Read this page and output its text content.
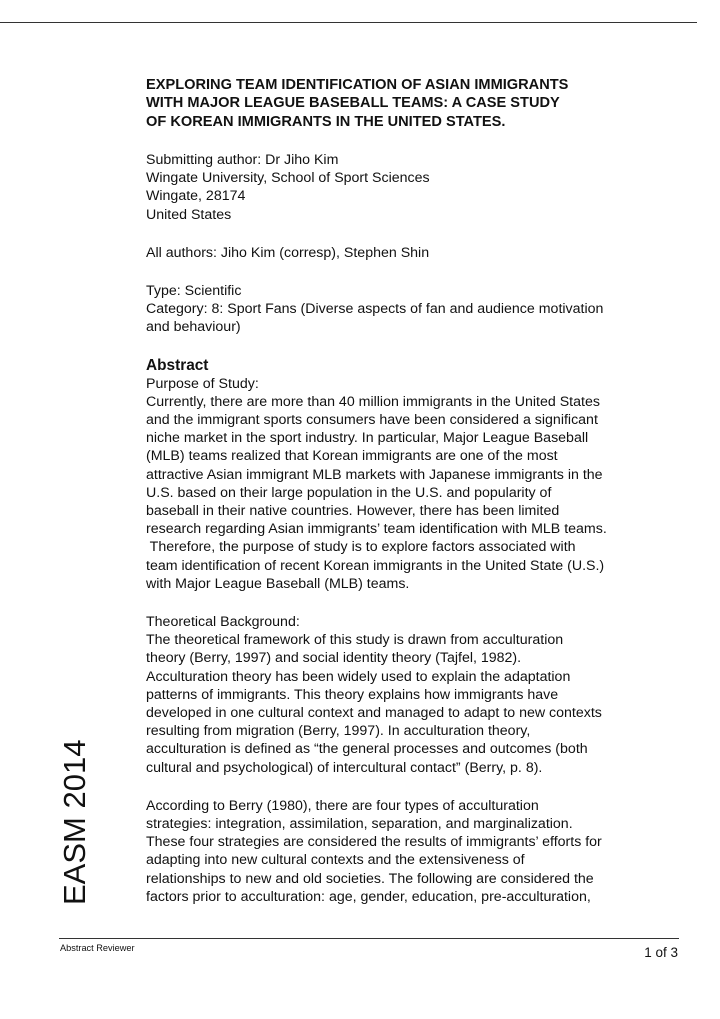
EXPLORING TEAM IDENTIFICATION OF ASIAN IMMIGRANTS
WITH MAJOR LEAGUE BASEBALL TEAMS: A CASE STUDY
OF KOREAN IMMIGRANTS IN THE UNITED STATES.
Submitting author: Dr Jiho Kim
Wingate University, School of Sport Sciences
Wingate, 28174
United States
All authors: Jiho Kim (corresp), Stephen Shin
Type: Scientific
Category: 8: Sport Fans (Diverse aspects of fan and audience motivation
and behaviour)
Abstract
Purpose of Study:
Currently, there are more than 40 million immigrants in the United States
and the immigrant sports consumers have been considered a significant
niche market in the sport industry. In particular, Major League Baseball
(MLB) teams realized that Korean immigrants are one of the most
attractive Asian immigrant MLB markets with Japanese immigrants in the
U.S. based on their large population in the U.S. and popularity of
baseball in their native countries. However, there has been limited
research regarding Asian immigrants’ team identification with MLB teams.
Therefore, the purpose of study is to explore factors associated with
team identification of recent Korean immigrants in the United State (U.S.)
with Major League Baseball (MLB) teams.
Theoretical Background:
The theoretical framework of this study is drawn from acculturation
theory (Berry, 1997) and social identity theory (Tajfel, 1982).
Acculturation theory has been widely used to explain the adaptation
patterns of immigrants. This theory explains how immigrants have
developed in one cultural context and managed to adapt to new contexts
resulting from migration (Berry, 1997). In acculturation theory,
acculturation is defined as “the general processes and outcomes (both
cultural and psychological) of intercultural contact” (Berry, p. 8).
According to Berry (1980), there are four types of acculturation
strategies: integration, assimilation, separation, and marginalization.
These four strategies are considered the results of immigrants’ efforts for
adapting into new cultural contexts and the extensiveness of
relationships to new and old societies. The following are considered the
factors prior to acculturation: age, gender, education, pre-acculturation,
EASM 2014
Abstract Reviewer	1 of 3
